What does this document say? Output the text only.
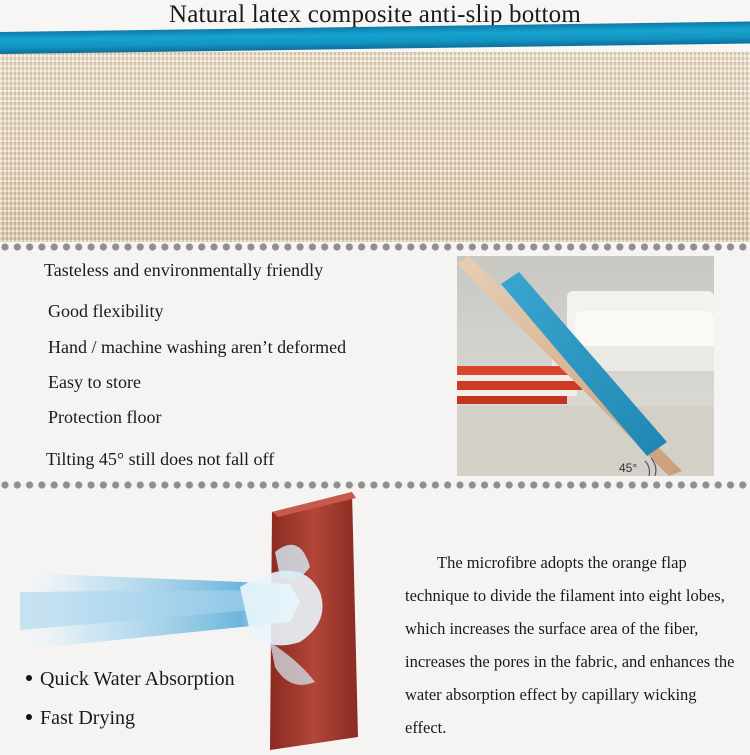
Natural latex composite anti-slip bottom
Tasteless and environmentally friendly
Good flexibility
Hand / machine washing aren’t deformed
Easy to store
Protection floor
Tilting 45° still does not fall off	45°
Quick Water Absorption
Fast Drying
The microfibre adopts the orange flap technique to divide the filament into eight lobes, which increases the surface area of the fiber, increases the pores in the fabric, and enhances the water absorption effect by capillary wicking effect.
